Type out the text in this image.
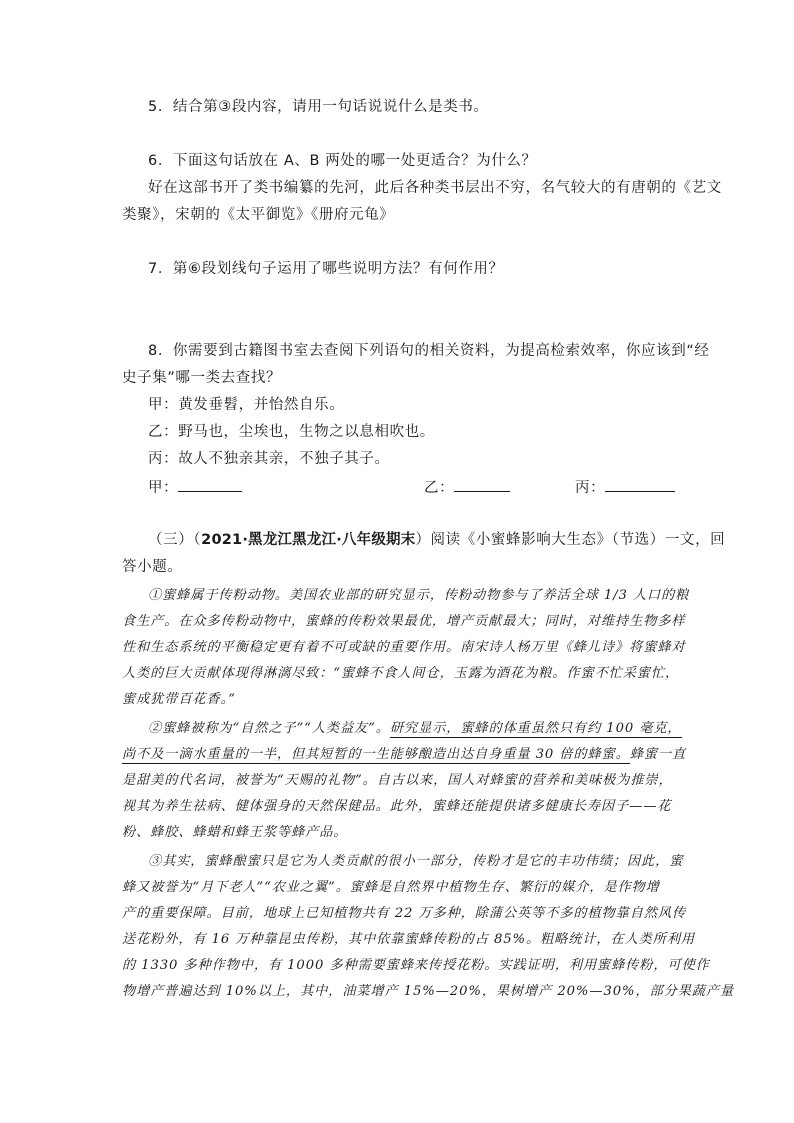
5．结合第③段内容，请用一句话说说什么是类书。
6．下面这句话放在 A、B 两处的哪一处更适合？为什么？
好在这部书开了类书编纂的先河，此后各种类书层出不穷，名气较大的有唐朝的《艺文
类聚》，宋朝的《太平御览》《册府元龟》
7．第⑥段划线句子运用了哪些说明方法？有何作用？
8．你需要到古籍图书室去查阅下列语句的相关资料，为提高检索效率，你应该到“经
史子集”哪一类去查找？
甲：黄发垂髫，并怡然自乐。
乙：野马也，尘埃也，生物之以息相吹也。
丙：故人不独亲其亲，不独子其子。
甲：	乙：	丙：
（三）（2021·黑龙江黑龙江·八年级期末）阅读《小蜜蜂影响大生态》（节选）一文，回
答小题。
①蜜蜂属于传粉动物。美国农业部的研究显示，传粉动物参与了养活全球 1/3 人口的粮
食生产。在众多传粉动物中，蜜蜂的传粉效果最优，增产贡献最大；同时，对维持生物多样
性和生态系统的平衡稳定更有着不可或缺的重要作用。南宋诗人杨万里《蜂儿诗》将蜜蜂对
人类的巨大贡献体现得淋漓尽致：“蜜蜂不食人间仓，玉露为酒花为粮。作蜜不忙采蜜忙，
蜜成犹带百花香。”
②蜜蜂被称为“自然之子”“人类益友”。研究显示，蜜蜂的体重虽然只有约 100 毫克，
尚不及一滴水重量的一半，但其短暂的一生能够酿造出达自身重量 30 倍的蜂蜜。蜂蜜一直
是甜美的代名词，被誉为“天赐的礼物”。自古以来，国人对蜂蜜的营养和美味极为推崇，
视其为养生祛病、健体强身的天然保健品。此外，蜜蜂还能提供诸多健康长寿因子——花
粉、蜂胶、蜂蜡和蜂王浆等蜂产品。
③其实，蜜蜂酿蜜只是它为人类贡献的很小一部分，传粉才是它的丰功伟绩；因此，蜜
蜂又被誉为“月下老人”“农业之翼”。蜜蜂是自然界中植物生存、繁衍的媒介，是作物增
产的重要保障。目前，地球上已知植物共有 22 万多种，除蒲公英等不多的植物靠自然风传
送花粉外，有 16 万种靠昆虫传粉，其中依靠蜜蜂传粉的占 85%。粗略统计，在人类所利用
的 1330 多种作物中，有 1000 多种需要蜜蜂来传授花粉。实践证明，利用蜜蜂传粉，可使作
物增产普遍达到 10%以上，其中，油菜增产 15%—20%，果树增产 20%—30%，部分果蔬产量
